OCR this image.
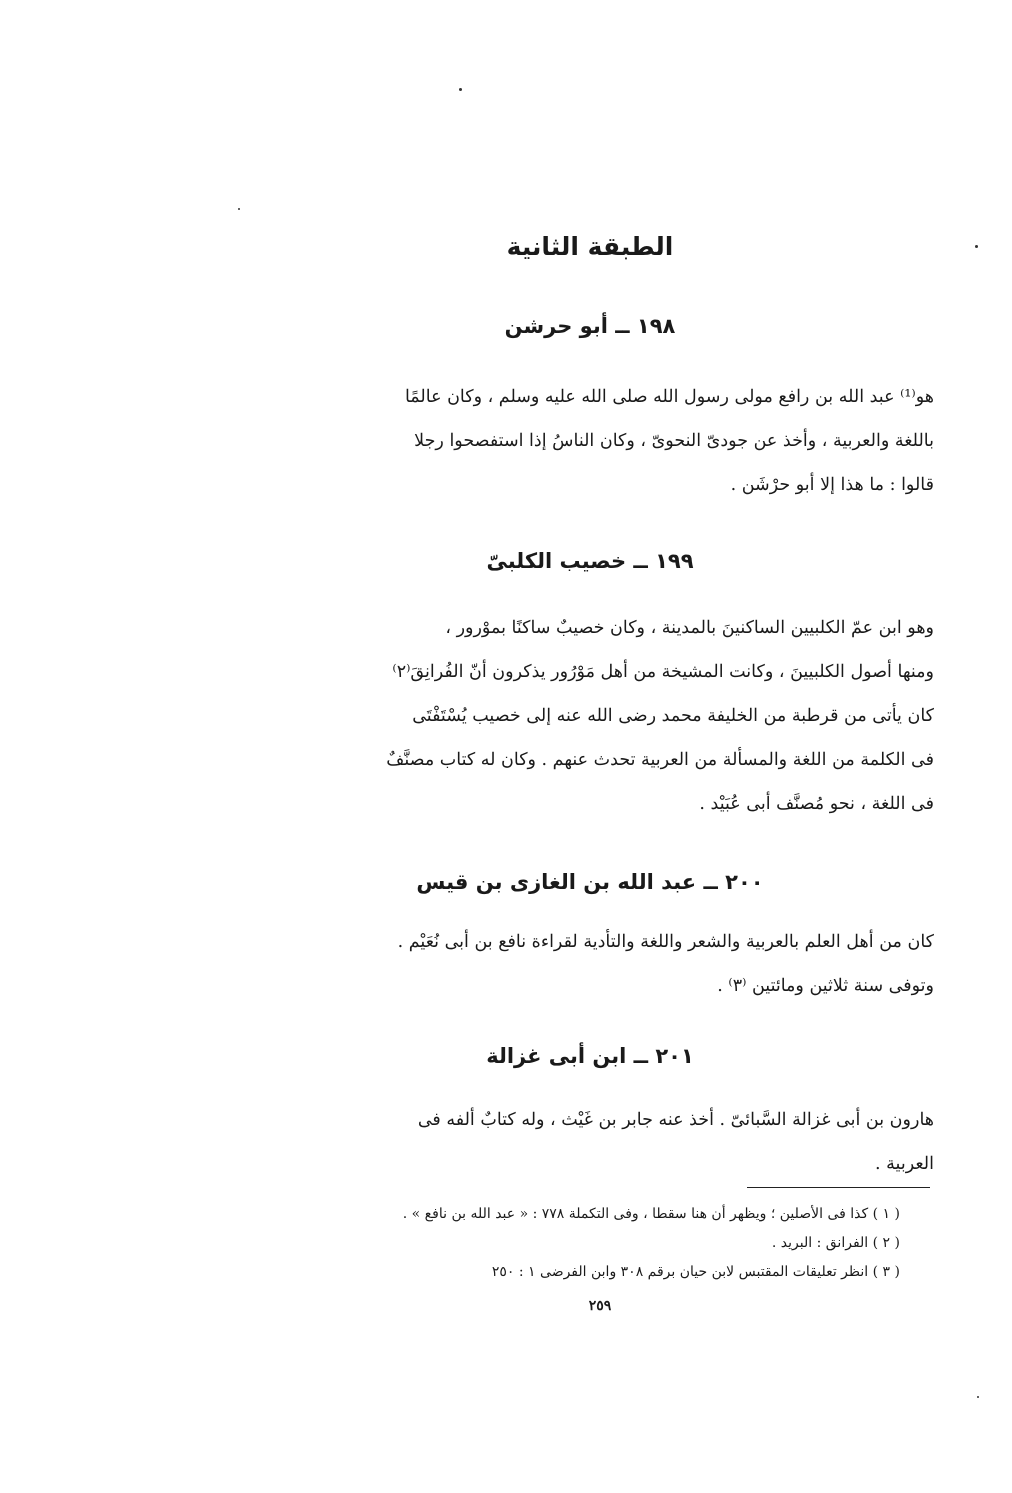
الطبقة الثانية
١٩٨ ــ أبو حرشن
هو⁽¹⁾ عبد الله بن رافع مولى رسول الله صلى الله عليه وسلم ، وكان عالمًا
باللغة والعربية ، وأخذ عن جودىّ النحوىّ ، وكان الناسُ إذا استفصحوا رجلا
قالوا : ما هذا إلا أبو حرْشَن .
١٩٩ ــ خصيب الكلبىّ
وهو ابن عمّ الكلبيين الساكنينَ بالمدينة ، وكان خصيبٌ ساكنًا بموْرور ،
ومنها أصول الكلبيينَ ، وكانت المشيخة من أهل مَوْرُور يذكرون أنّ الفُرانِقَ⁽٢⁾
كان يأتى من قرطبة من الخليفة محمد رضى الله عنه إلى خصيب يُسْتَفْتَى
فى الكلمة من اللغة والمسألة من العربية تحدث عنهم . وكان له كتاب مصنَّفٌ
فى اللغة ، نحو مُصنَّف أبى عُبَيْد .
٢٠٠ ــ عبد الله بن الغازى بن قيس
كان من أهل العلم بالعربية والشعر واللغة والتأدية لقراءة نافع بن أبى نُعَيْم .
وتوفى سنة ثلاثين ومائتين ⁽٣⁾ .
٢٠١ ــ ابن أبى غزالة
هارون بن أبى غزالة السَّبائىّ . أخذ عنه جابر بن غَيْث ، وله كتابٌ ألفه فى
العربية .
( ١ ) كذا فى الأصلين ؛ ويظهر أن هنا سقطا ، وفى التكملة ٧٧٨ : « عبد الله بن نافع » .
( ٢ ) الفرانق : البريد .
( ٣ ) انظر تعليقات المقتبس لابن حيان برقم ٣٠٨ وابن الفرضى ١ : ٢٥٠
٢٥٩
